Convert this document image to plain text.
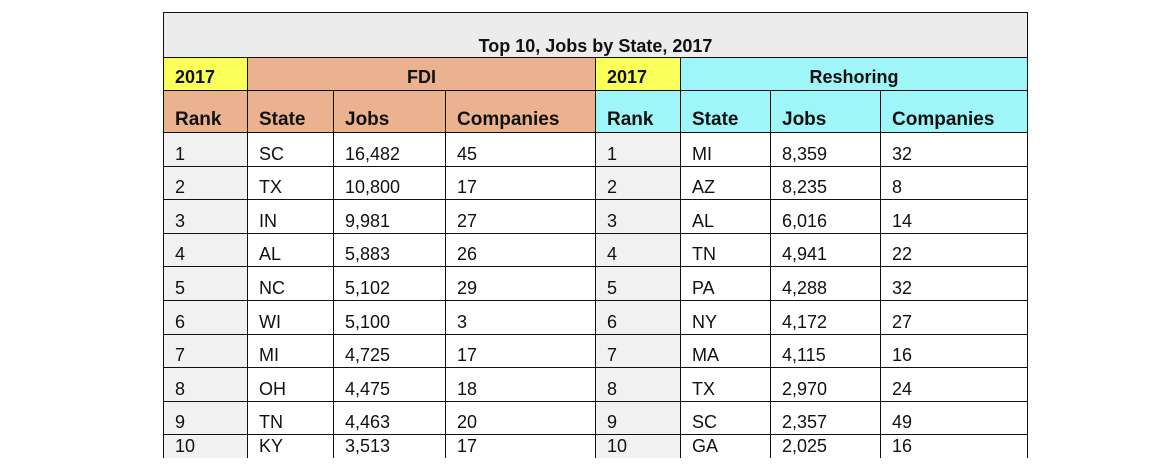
Top 10, Jobs by State, 2017							
2017	FDI			2017	Reshoring		
Rank	State	Jobs	Companies	Rank	State	Jobs	Companies
1	SC	16,482	45	1	MI	8,359	32
2	TX	10,800	17	2	AZ	8,235	8
3	IN	9,981	27	3	AL	6,016	14
4	AL	5,883	26	4	TN	4,941	22
5	NC	5,102	29	5	PA	4,288	32
6	WI	5,100	3	6	NY	4,172	27
7	MI	4,725	17	7	MA	4,115	16
8	OH	4,475	18	8	TX	2,970	24
9	TN	4,463	20	9	SC	2,357	49
10	KY	3,513	17	10	GA	2,025	16
